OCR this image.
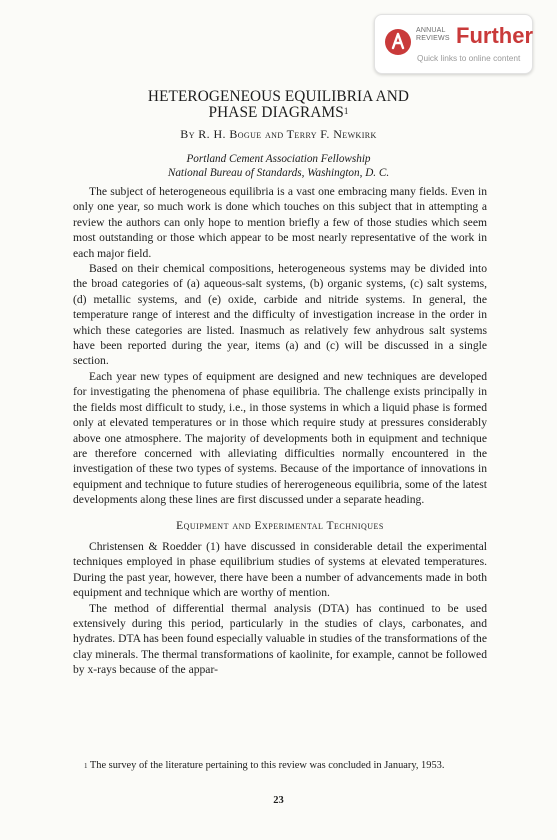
ANNUAL
REVIEWS Further
Quick links to online content
HETEROGENEOUS EQUILIBRIA AND
PHASE DIAGRAMS$^1$
By R. H. Bogue and Terry F. Newkirk
Portland Cement Association Fellowship
National Bureau of Standards, Washington, D. C.

The subject of heterogeneous equilibria is a vast one embracing many fields. Even in only one year, so much work is done which touches on this subject that in attempting a review the authors can only hope to mention briefly a few of those studies which seem most outstanding or those which appear to be most nearly representative of the work in each major field.

Based on their chemical compositions, heterogeneous systems may be divided into the broad categories of (a) aqueous-salt systems, (b) organic systems, (c) salt systems, (d) metallic systems, and (e) oxide, carbide and nitride systems. In general, the temperature range of interest and the difficulty of investigation increase in the order in which these categories are listed. Inasmuch as relatively few anhydrous salt systems have been reported during the year, items (a) and (c) will be discussed in a single section.

Each year new types of equipment are designed and new techniques are developed for investigating the phenomena of phase equilibria. The challenge exists principally in the fields most difficult to study, i.e., in those systems in which a liquid phase is formed only at elevated temperatures or in those which require study at pressures considerably above one atmosphere. The majority of developments both in equipment and technique are therefore concerned with alleviating difficulties normally encountered in the investigation of these two types of systems. Because of the importance of innovations in equipment and technique to future studies of hererogeneous equilibria, some of the latest developments along these lines are first discussed under a separate heading.

Equipment and Experimental Techniques

Christensen & Roedder (1) have discussed in considerable detail the experimental techniques employed in phase equilibrium studies of systems at elevated temperatures. During the past year, however, there have been a number of advancements made in both equipment and technique which are worthy of mention.

The method of differential thermal analysis (DTA) has continued to be used extensively during this period, particularly in the studies of clays, carbonates, and hydrates. DTA has been found especially valuable in studies of the transformations of the clay minerals. The thermal transformations of kaolinite, for example, cannot be followed by x-rays because of the appar-

$^1$ The survey of the literature pertaining to this review was concluded in January, 1953.

23
